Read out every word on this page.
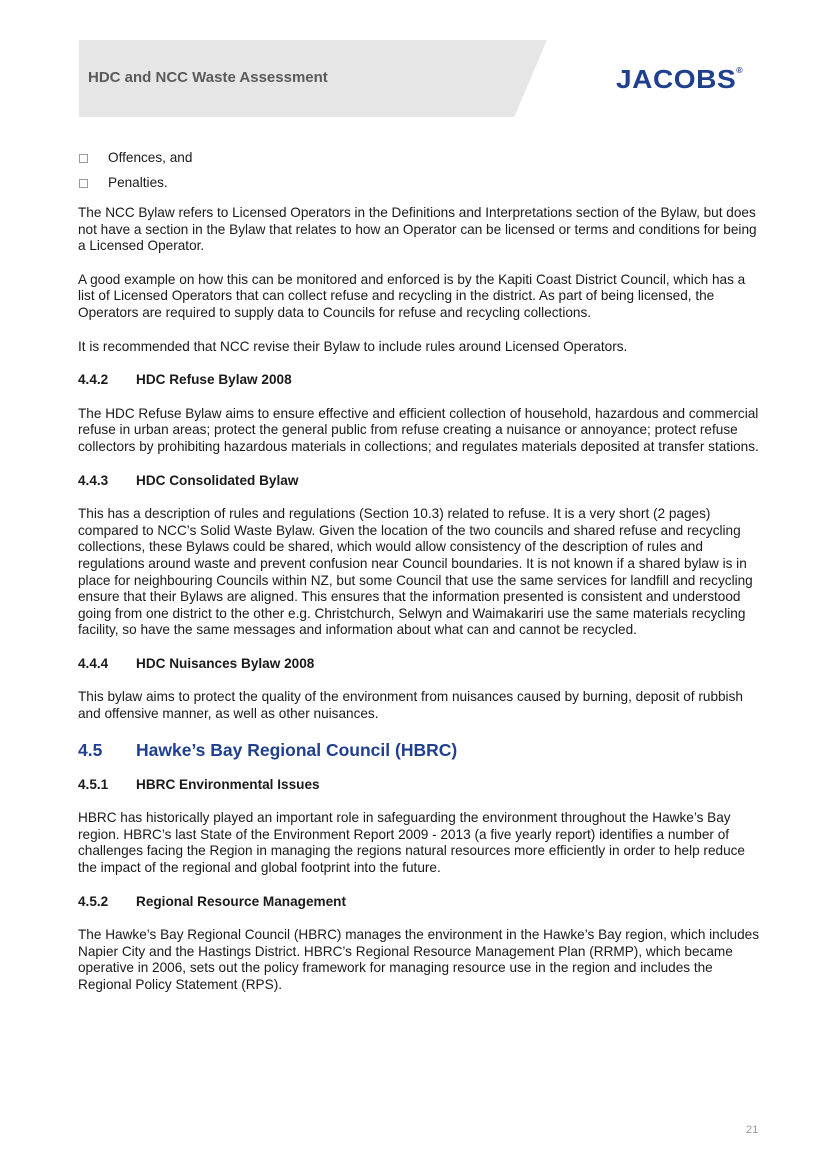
HDC and NCC Waste Assessment	JACOBS®
Offences, and
Penalties.

The NCC Bylaw refers to Licensed Operators in the Definitions and Interpretations section of the Bylaw, but does not have a section in the Bylaw that relates to how an Operator can be licensed or terms and conditions for being a Licensed Operator.

A good example on how this can be monitored and enforced is by the Kapiti Coast District Council, which has a list of Licensed Operators that can collect refuse and recycling in the district. As part of being licensed, the Operators are required to supply data to Councils for refuse and recycling collections.

It is recommended that NCC revise their Bylaw to include rules around Licensed Operators.

4.4.2	HDC Refuse Bylaw 2008

The HDC Refuse Bylaw aims to ensure effective and efficient collection of household, hazardous and commercial refuse in urban areas; protect the general public from refuse creating a nuisance or annoyance; protect refuse collectors by prohibiting hazardous materials in collections; and regulates materials deposited at transfer stations.

4.4.3	HDC Consolidated Bylaw

This has a description of rules and regulations (Section 10.3) related to refuse. It is a very short (2 pages) compared to NCC’s Solid Waste Bylaw. Given the location of the two councils and shared refuse and recycling collections, these Bylaws could be shared, which would allow consistency of the description of rules and regulations around waste and prevent confusion near Council boundaries. It is not known if a shared bylaw is in place for neighbouring Councils within NZ, but some Council that use the same services for landfill and recycling ensure that their Bylaws are aligned. This ensures that the information presented is consistent and understood going from one district to the other e.g. Christchurch, Selwyn and Waimakariri use the same materials recycling facility, so have the same messages and information about what can and cannot be recycled.

4.4.4	HDC Nuisances Bylaw 2008

This bylaw aims to protect the quality of the environment from nuisances caused by burning, deposit of rubbish and offensive manner, as well as other nuisances.

4.5	Hawke’s Bay Regional Council (HBRC)
4.5.1	HBRC Environmental Issues

HBRC has historically played an important role in safeguarding the environment throughout the Hawke’s Bay region. HBRC’s last State of the Environment Report 2009 - 2013 (a five yearly report) identifies a number of challenges facing the Region in managing the regions natural resources more efficiently in order to help reduce the impact of the regional and global footprint into the future.

4.5.2	Regional Resource Management

The Hawke’s Bay Regional Council (HBRC) manages the environment in the Hawke’s Bay region, which includes Napier City and the Hastings District. HBRC’s Regional Resource Management Plan (RRMP), which became operative in 2006, sets out the policy framework for managing resource use in the region and includes the Regional Policy Statement (RPS).

21
